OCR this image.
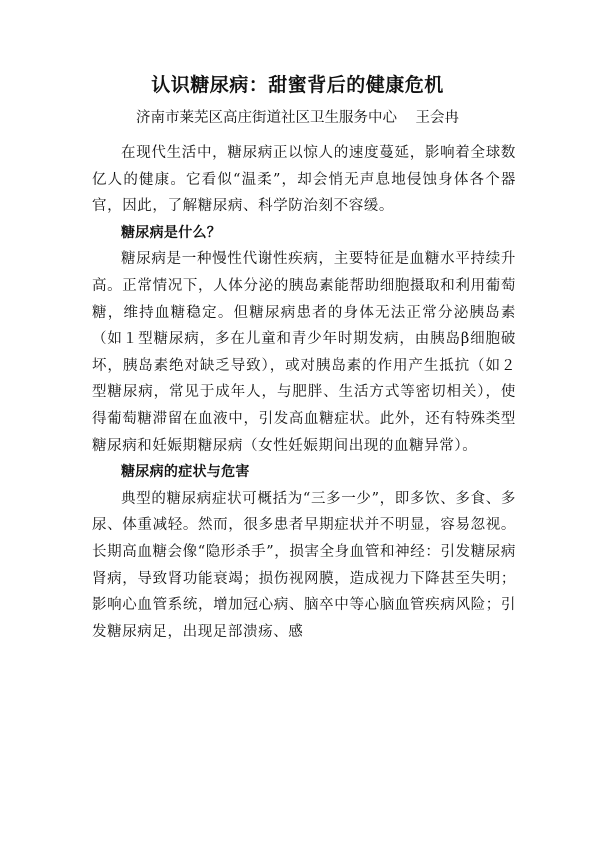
认识糖尿病：甜蜜背后的健康危机
济南市莱芜区高庄街道社区卫生服务中心    王会冉

在现代生活中，糖尿病正以惊人的速度蔓延，影响着全球数亿人的健康。它看似“温柔”，却会悄无声息地侵蚀身体各个器官，因此，了解糖尿病、科学防治刻不容缓。

糖尿病是什么？

糖尿病是一种慢性代谢性疾病，主要特征是血糖水平持续升高。正常情况下，人体分泌的胰岛素能帮助细胞摄取和利用葡萄糖，维持血糖稳定。但糖尿病患者的身体无法正常分泌胰岛素（如１型糖尿病，多在儿童和青少年时期发病，由胰岛β细胞破坏，胰岛素绝对缺乏导致），或对胰岛素的作用产生抵抗（如２型糖尿病，常见于成年人，与肥胖、生活方式等密切相关），使得葡萄糖滞留在血液中，引发高血糖症状。此外，还有特殊类型糖尿病和妊娠期糖尿病（女性妊娠期间出现的血糖异常）。

糖尿病的症状与危害

典型的糖尿病症状可概括为“三多一少”，即多饮、多食、多尿、体重减轻。然而，很多患者早期症状并不明显，容易忽视。长期高血糖会像“隐形杀手”，损害全身血管和神经：引发糖尿病肾病，导致肾功能衰竭；损伤视网膜，造成视力下降甚至失明；影响心血管系统，增加冠心病、脑卒中等心脑血管疾病风险；引发糖尿病足，出现足部溃疡、感
